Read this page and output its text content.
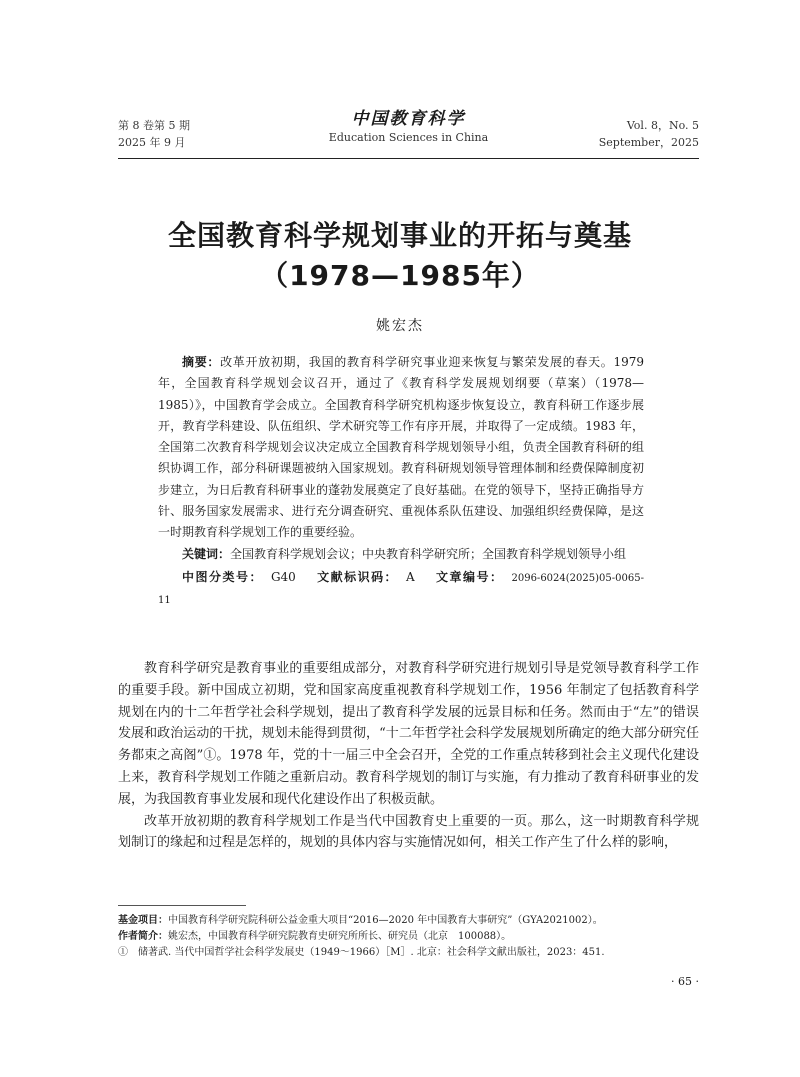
第 8 卷第 5 期
2025 年 9 月
中国教育科学
Education Sciences in China
Vol. 8，No. 5
September，2025
全国教育科学规划事业的开拓与奠基
（1978—1985年）
姚宏杰

摘要：改革开放初期，我国的教育科学研究事业迎来恢复与繁荣发展的春天。1979 年，全国教育科学规划会议召开，通过了《教育科学发展规划纲要（草案）（1978—1985）》，中国教育学会成立。全国教育科学研究机构逐步恢复设立，教育科研工作逐步展开，教育学科建设、队伍组织、学术研究等工作有序开展，并取得了一定成绩。1983 年，全国第二次教育科学规划会议决定成立全国教育科学规划领导小组，负责全国教育科研的组织协调工作，部分科研课题被纳入国家规划。教育科研规划领导管理体制和经费保障制度初步建立，为日后教育科研事业的蓬勃发展奠定了良好基础。在党的领导下，坚持正确指导方针、服务国家发展需求、进行充分调查研究、重视体系队伍建设、加强组织经费保障，是这一时期教育科学规划工作的重要经验。

关键词：全国教育科学规划会议；中央教育科学研究所；全国教育科学规划领导小组

中图分类号： G40 文献标识码： A 文章编号： 2096-6024(2025)05-0065-11

教育科学研究是教育事业的重要组成部分，对教育科学研究进行规划引导是党领导教育科学工作的重要手段。新中国成立初期，党和国家高度重视教育科学规划工作，1956 年制定了包括教育科学规划在内的十二年哲学社会科学规划，提出了教育科学发展的远景目标和任务。然而由于“左”的错误发展和政治运动的干扰，规划未能得到贯彻，“十二年哲学社会科学发展规划所确定的绝大部分研究任务都束之高阁”①。1978 年，党的十一届三中全会召开，全党的工作重点转移到社会主义现代化建设上来，教育科学规划工作随之重新启动。教育科学规划的制订与实施，有力推动了教育科研事业的发展，为我国教育事业发展和现代化建设作出了积极贡献。

改革开放初期的教育科学规划工作是当代中国教育史上重要的一页。那么，这一时期教育科学规划制订的缘起和过程是怎样的，规划的具体内容与实施情况如何，相关工作产生了什么样的影响，

基金项目：中国教育科学研究院科研公益金重大项目“2016—2020 年中国教育大事研究”（GYA2021002）。
作者简介：姚宏杰，中国教育科学研究院教育史研究所所长、研究员（北京　100088）。
①　储著武. 当代中国哲学社会科学发展史（1949～1966）［M］. 北京：社会科学文献出版社，2023：451.
· 65 ·
